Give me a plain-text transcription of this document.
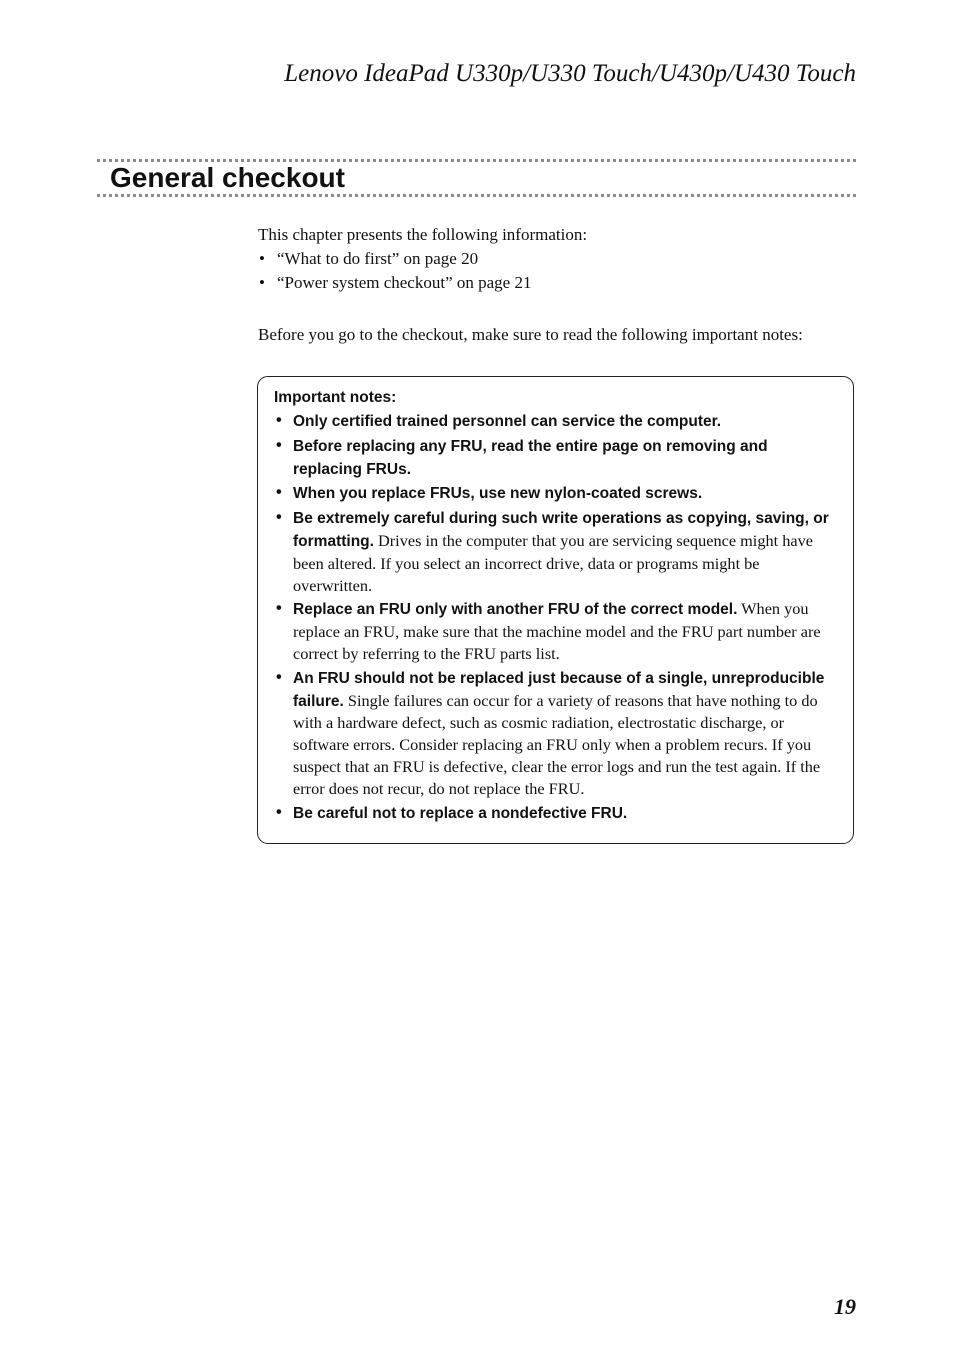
Lenovo IdeaPad U330p/U330 Touch/U430p/U430 Touch
General checkout

This chapter presents the following information:

• “What to do first” on page 20
• “Power system checkout” on page 21
Before you go to the checkout, make sure to read the following important notes:

Important notes:

• Only certified trained personnel can service the computer.
• Before replacing any FRU, read the entire page on removing and replacing FRUs.
• When you replace FRUs, use new nylon-coated screws.
• Be extremely careful during such write operations as copying, saving, or formatting. Drives in the computer that you are servicing sequence might have been altered. If you select an incorrect drive, data or programs might be overwritten.
• Replace an FRU only with another FRU of the correct model. When you replace an FRU, make sure that the machine model and the FRU part number are correct by referring to the FRU parts list.
• An FRU should not be replaced just because of a single, unreproducible failure. Single failures can occur for a variety of reasons that have nothing to do with a hardware defect, such as cosmic radiation, electrostatic discharge, or software errors. Consider replacing an FRU only when a problem recurs. If you suspect that an FRU is defective, clear the error logs and run the test again. If the error does not recur, do not replace the FRU.
• Be careful not to replace a nondefective FRU.
19
